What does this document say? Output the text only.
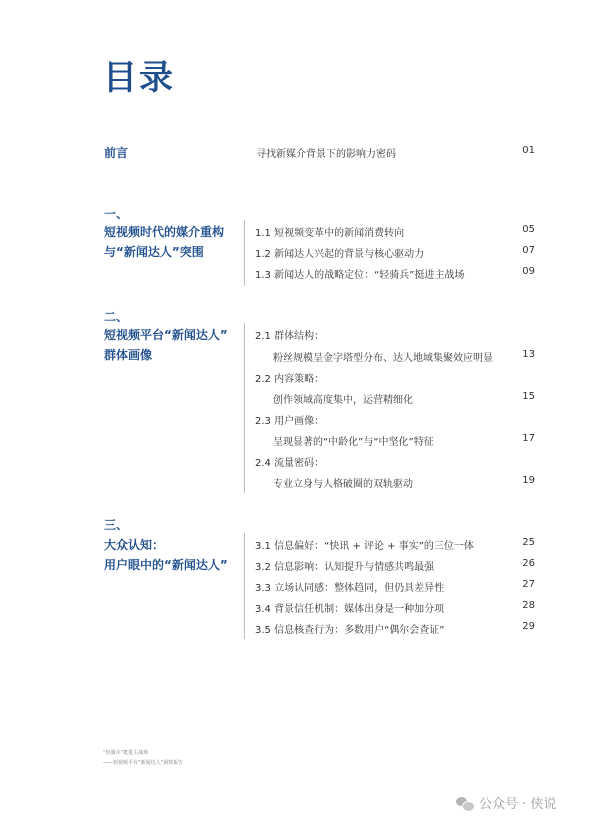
目录
前言	寻找新媒介背景下的影响力密码	01
一、
短视频时代的媒介重构
与“新闻达人”突围
1.1 短视频变革中的新闻消费转向	05
1.2 新闻达人兴起的背景与核心驱动力	07
1.3 新闻达人的战略定位：“轻骑兵”挺进主战场	09
二、
短视频平台“新闻达人”
群体画像
2.1 群体结构：
粉丝规模呈金字塔型分布、达人地域集聚效应明显	13
2.2 内容策略：
创作领域高度集中，运营精细化	15
2.3 用户画像：
呈现显著的“中龄化”与“中坚化”特征	17
2.4 流量密码：
专业立身与人格破圈的双轨驱动	19
三、
大众认知：
用户眼中的“新闻达人”
3.1 信息偏好：“快讯 + 评论 + 事实”的三位一体	25
3.2 信息影响：认知提升与情感共鸣最强	26
3.3 立场认同感：整体趋同，但仍具差异性	27
3.4 背景信任机制：媒体出身是一种加分项	28
3.5 信息核查行为：多数用户“偶尔会查证”	29
“轻骑兵”挺进主战场
——短视频平台“新闻达人”洞察报告
公众号 · 侠说
